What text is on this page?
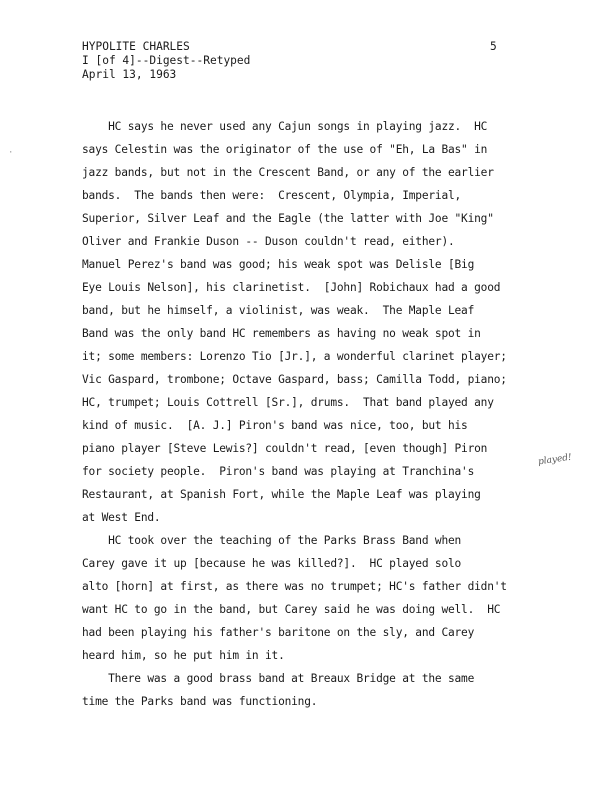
HYPOLITE CHARLES
I [of 4]--Digest--Retyped
April 13, 1963
5
HC says he never used any Cajun songs in playing jazz.  HC
says Celestin was the originator of the use of "Eh, La Bas" in
jazz bands, but not in the Crescent Band, or any of the earlier
bands.  The bands then were:  Crescent, Olympia, Imperial,
Superior, Silver Leaf and the Eagle (the latter with Joe "King"
Oliver and Frankie Duson -- Duson couldn't read, either).
Manuel Perez's band was good; his weak spot was Delisle [Big
Eye Louis Nelson], his clarinetist.  [John] Robichaux had a good
band, but he himself, a violinist, was weak.  The Maple Leaf
Band was the only band HC remembers as having no weak spot in
it; some members: Lorenzo Tio [Jr.], a wonderful clarinet player;
Vic Gaspard, trombone; Octave Gaspard, bass; Camilla Todd, piano;
HC, trumpet; Louis Cottrell [Sr.], drums.  That band played any
kind of music.  [A. J.] Piron's band was nice, too, but his
piano player [Steve Lewis?] couldn't read, [even though] Piron
for society people.  Piron's band was playing at Tranchina's
Restaurant, at Spanish Fort, while the Maple Leaf was playing
at West End.
HC took over the teaching of the Parks Brass Band when
Carey gave it up [because he was killed?].  HC played solo
alto [horn] at first, as there was no trumpet; HC's father didn't
want HC to go in the band, but Carey said he was doing well.  HC
had been playing his father's baritone on the sly, and Carey
heard him, so he put him in it.
There was a good brass band at Breaux Bridge at the same
time the Parks band was functioning.
played!
·
